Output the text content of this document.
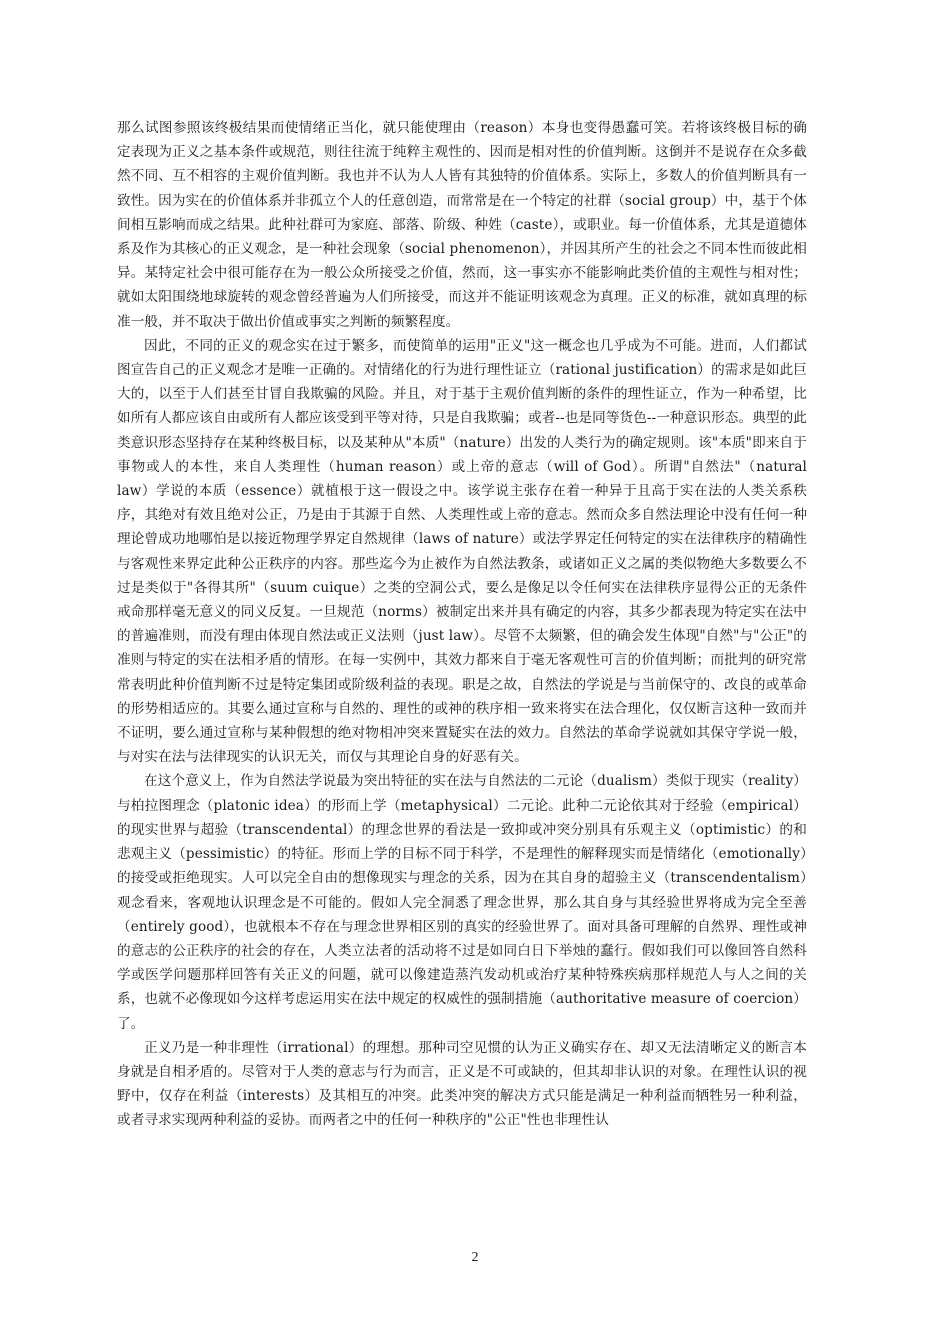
那么试图参照该终极结果而使情绪正当化，就只能使理由（reason）本身也变得愚蠢可笑。若将该终极目标的确定表现为正义之基本条件或规范，则往往流于纯粹主观性的、因而是相对性的价值判断。这倒并不是说存在众多截然不同、互不相容的主观价值判断。我也并不认为人人皆有其独特的价值体系。实际上，多数人的价值判断具有一致性。因为实在的价值体系并非孤立个人的任意创造，而常常是在一个特定的社群（social group）中，基于个体间相互影响而成之结果。此种社群可为家庭、部落、阶级、种姓（caste），或职业。每一价值体系，尤其是道德体系及作为其核心的正义观念，是一种社会现象（social phenomenon），并因其所产生的社会之不同本性而彼此相异。某特定社会中很可能存在为一般公众所接受之价值，然而，这一事实亦不能影响此类价值的主观性与相对性；就如太阳围绕地球旋转的观念曾经普遍为人们所接受，而这并不能证明该观念为真理。正义的标准，就如真理的标准一般，并不取决于做出价值或事实之判断的频繁程度。

因此，不同的正义的观念实在过于繁多，而使简单的运用"正义"这一概念也几乎成为不可能。进而，人们都试图宣告自己的正义观念才是唯一正确的。对情绪化的行为进行理性证立（rational justification）的需求是如此巨大的，以至于人们甚至甘冒自我欺骗的风险。并且，对于基于主观价值判断的条件的理性证立，作为一种希望，比如所有人都应该自由或所有人都应该受到平等对待，只是自我欺骗；或者--也是同等货色--一种意识形态。典型的此类意识形态坚持存在某种终极目标，以及某种从"本质"（nature）出发的人类行为的确定规则。该"本质"即来自于事物或人的本性，来自人类理性（human reason）或上帝的意志（will of God）。所谓"自然法"（natural law）学说的本质（essence）就植根于这一假设之中。该学说主张存在着一种异于且高于实在法的人类关系秩序，其绝对有效且绝对公正，乃是由于其源于自然、人类理性或上帝的意志。然而众多自然法理论中没有任何一种理论曾成功地哪怕是以接近物理学界定自然规律（laws of nature）或法学界定任何特定的实在法律秩序的精确性与客观性来界定此种公正秩序的内容。那些迄今为止被作为自然法教条，或诸如正义之属的类似物绝大多数要么不过是类似于"各得其所"（suum cuique）之类的空洞公式，要么是像足以令任何实在法律秩序显得公正的无条件戒命那样毫无意义的同义反复。一旦规范（norms）被制定出来并具有确定的内容，其多少都表现为特定实在法中的普遍准则，而没有理由体现自然法或正义法则（just law）。尽管不太频繁，但的确会发生体现"自然"与"公正"的准则与特定的实在法相矛盾的情形。在每一实例中，其效力都来自于毫无客观性可言的价值判断；而批判的研究常常表明此种价值判断不过是特定集团或阶级利益的表现。职是之故，自然法的学说是与当前保守的、改良的或革命的形势相适应的。其要么通过宣称与自然的、理性的或神的秩序相一致来将实在法合理化，仅仅断言这种一致而并不证明，要么通过宣称与某种假想的绝对物相冲突来置疑实在法的效力。自然法的革命学说就如其保守学说一般，与对实在法与法律现实的认识无关，而仅与其理论自身的好恶有关。

在这个意义上，作为自然法学说最为突出特征的实在法与自然法的二元论（dualism）类似于现实（reality）与柏拉图理念（platonic idea）的形而上学（metaphysical）二元论。此种二元论依其对于经验（empirical）的现实世界与超验（transcendental）的理念世界的看法是一致抑或冲突分别具有乐观主义（optimistic）的和悲观主义（pessimistic）的特征。形而上学的目标不同于科学，不是理性的解释现实而是情绪化（emotionally）的接受或拒绝现实。人可以完全自由的想像现实与理念的关系，因为在其自身的超验主义（transcendentalism）观念看来，客观地认识理念是不可能的。假如人完全洞悉了理念世界，那么其自身与其经验世界将成为完全至善（entirely good），也就根本不存在与理念世界相区别的真实的经验世界了。面对具备可理解的自然界、理性或神的意志的公正秩序的社会的存在，人类立法者的活动将不过是如同白日下举烛的蠢行。假如我们可以像回答自然科学或医学问题那样回答有关正义的问题，就可以像建造蒸汽发动机或治疗某种特殊疾病那样规范人与人之间的关系，也就不必像现如今这样考虑运用实在法中规定的权威性的强制措施（authoritative measure of coercion）了。

正义乃是一种非理性（irrational）的理想。那种司空见惯的认为正义确实存在、却又无法清晰定义的断言本身就是自相矛盾的。尽管对于人类的意志与行为而言，正义是不可或缺的，但其却非认识的对象。在理性认识的视野中，仅存在利益（interests）及其相互的冲突。此类冲突的解决方式只能是满足一种利益而牺牲另一种利益，或者寻求实现两种利益的妥协。而两者之中的任何一种秩序的"公正"性也非理性认

2
